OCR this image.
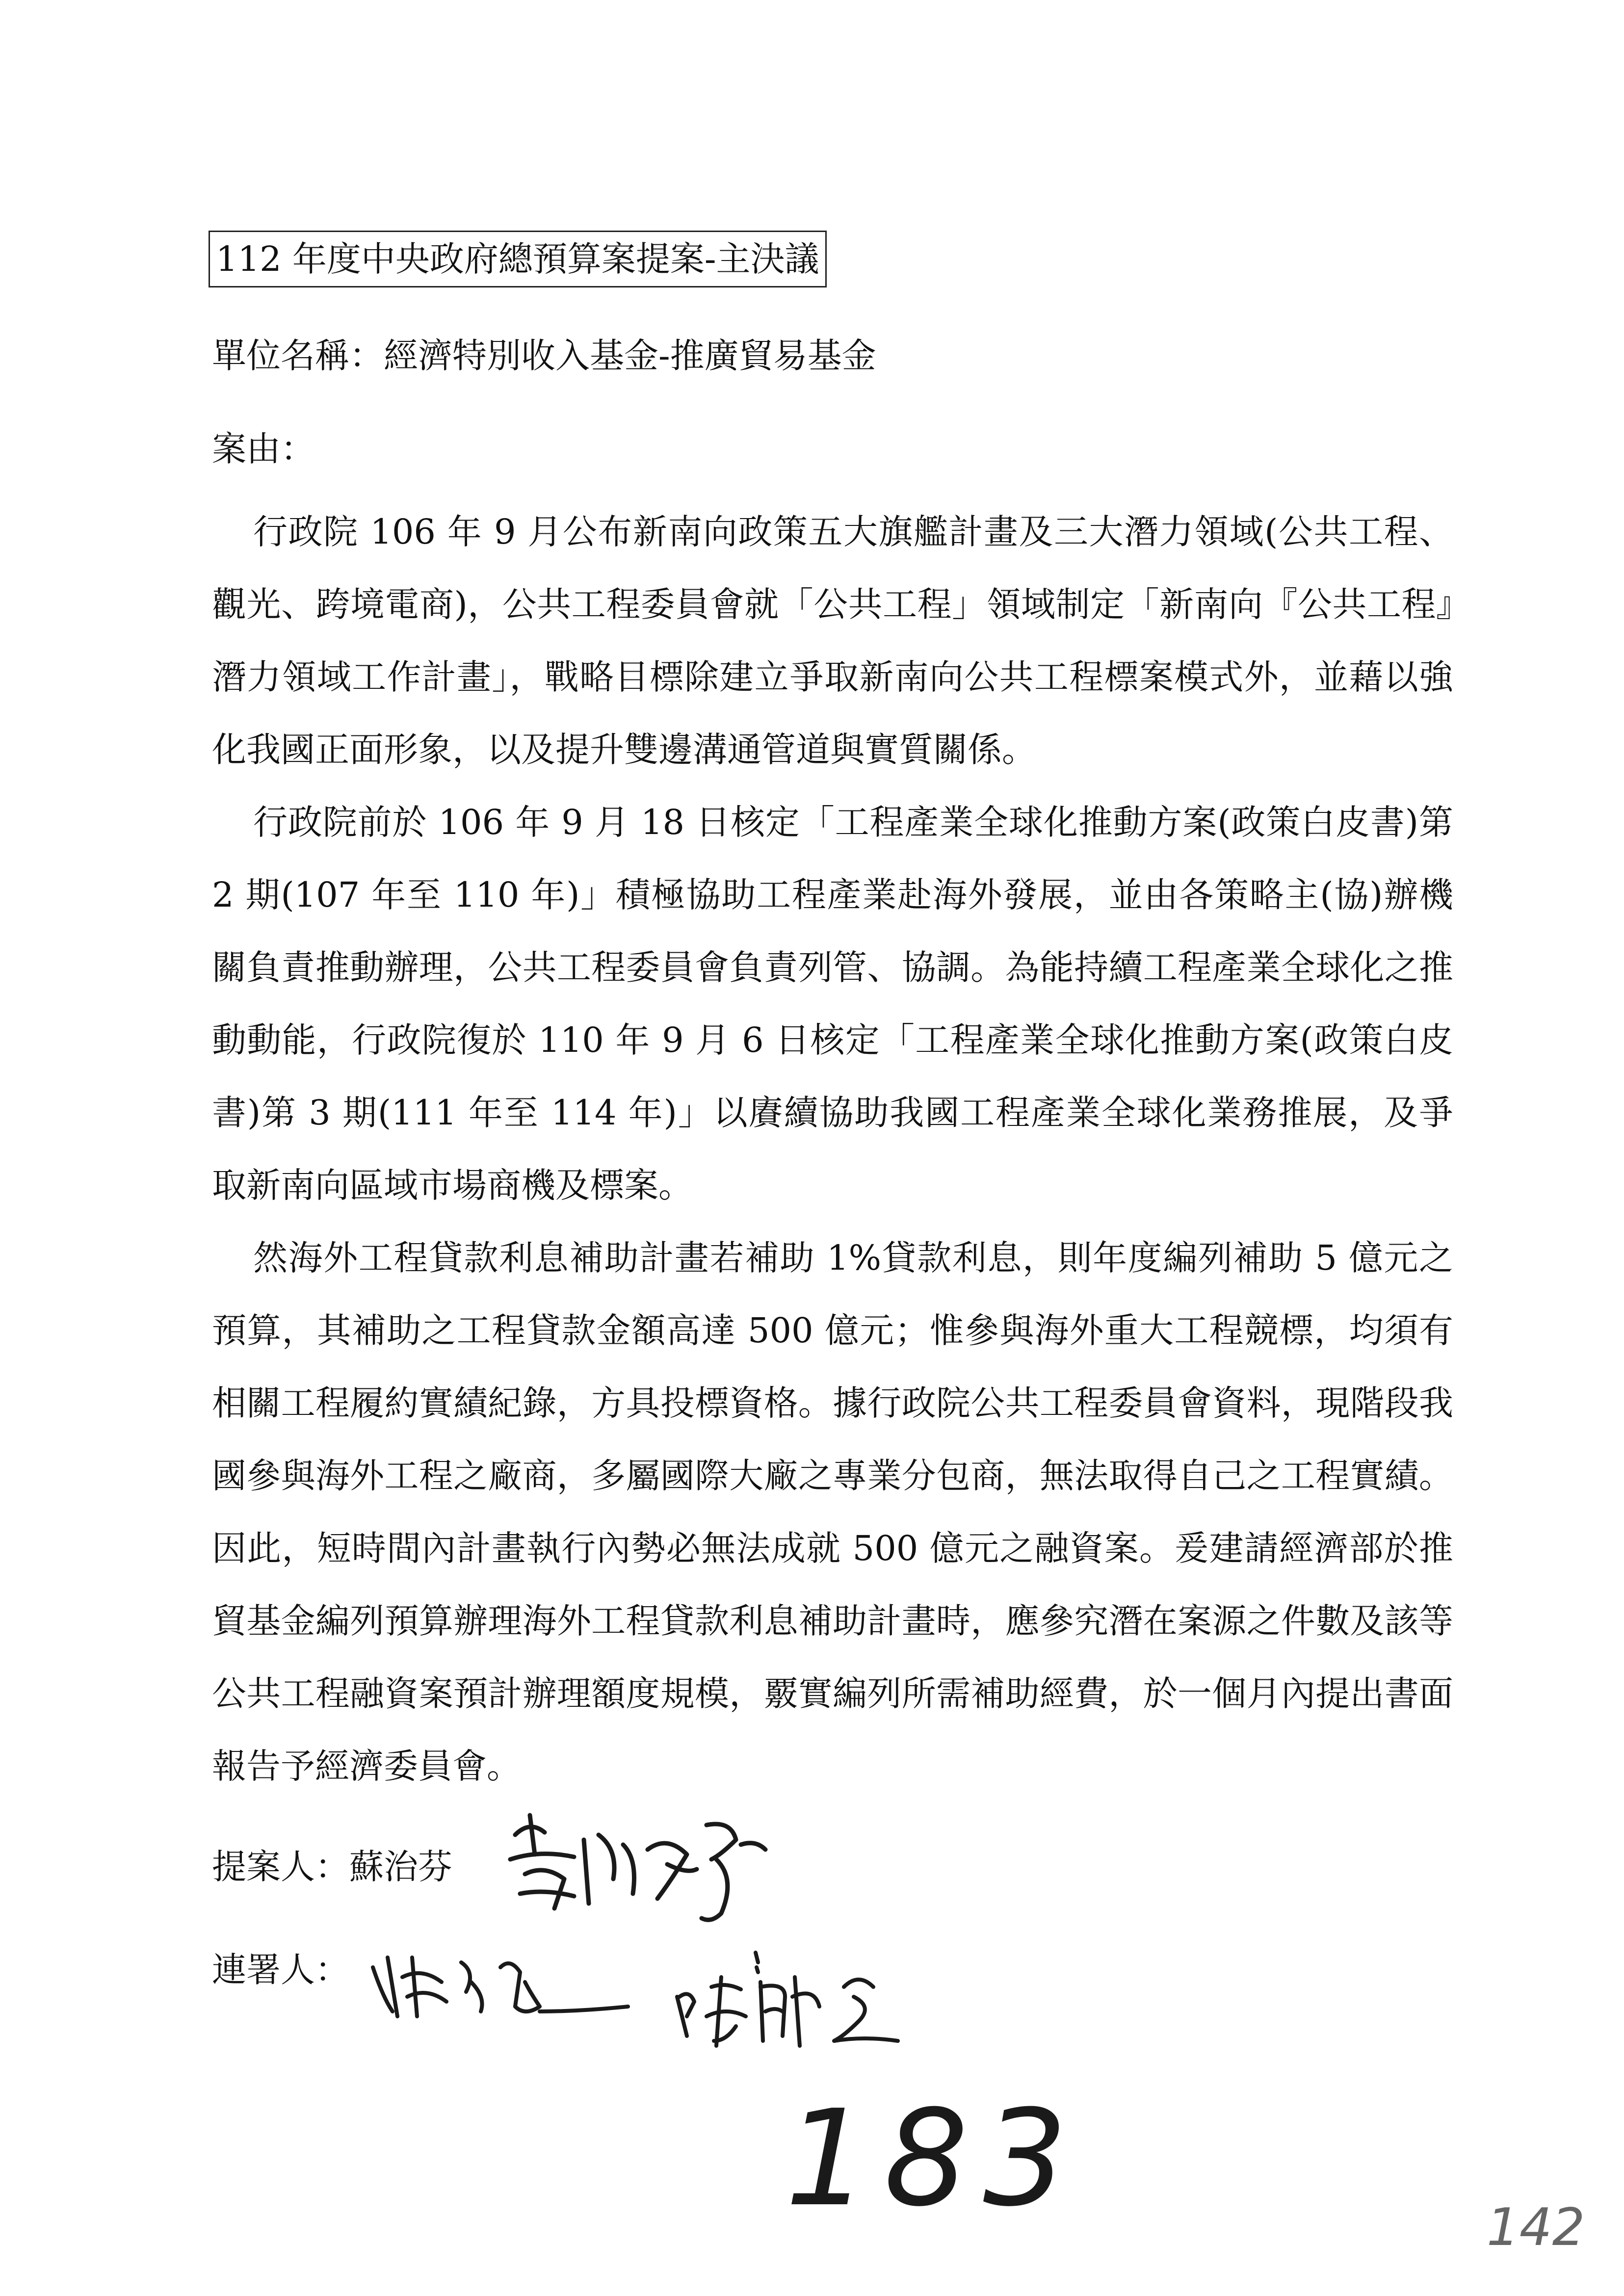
112 年度中央政府總預算案提案-主決議
單位名稱：經濟特別收入基金-推廣貿易基金
案由：

行政院 106 年 9 月公布新南向政策五大旗艦計畫及三大潛力領域(公共工程、觀光、跨境電商)，公共工程委員會就「公共工程」領域制定「新南向『公共工程』潛力領域工作計畫」，戰略目標除建立爭取新南向公共工程標案模式外，並藉以強化我國正面形象，以及提升雙邊溝通管道與實質關係。

行政院前於 106 年 9 月 18 日核定「工程產業全球化推動方案(政策白皮書)第 2 期(107 年至 110 年)」積極協助工程產業赴海外發展，並由各策略主(協)辦機關負責推動辦理，公共工程委員會負責列管、協調。為能持續工程產業全球化之推動動能，行政院復於 110 年 9 月 6 日核定「工程產業全球化推動方案(政策白皮書)第 3 期(111 年至 114 年)」以賡續協助我國工程產業全球化業務推展，及爭取新南向區域市場商機及標案。

然海外工程貸款利息補助計畫若補助 1%貸款利息，則年度編列補助 5 億元之預算，其補助之工程貸款金額高達 500 億元；惟參與海外重大工程競標，均須有相關工程履約實績紀錄，方具投標資格。據行政院公共工程委員會資料，現階段我國參與海外工程之廠商，多屬國際大廠之專業分包商，無法取得自己之工程實績。因此，短時間內計畫執行內勢必無法成就 500 億元之融資案。爰建請經濟部於推貿基金編列預算辦理海外工程貸款利息補助計畫時，應參究潛在案源之件數及該等公共工程融資案預計辦理額度規模，覈實編列所需補助經費，於一個月內提出書面報告予經濟委員會。

提案人：蘇治芬
連署人：
183	142
